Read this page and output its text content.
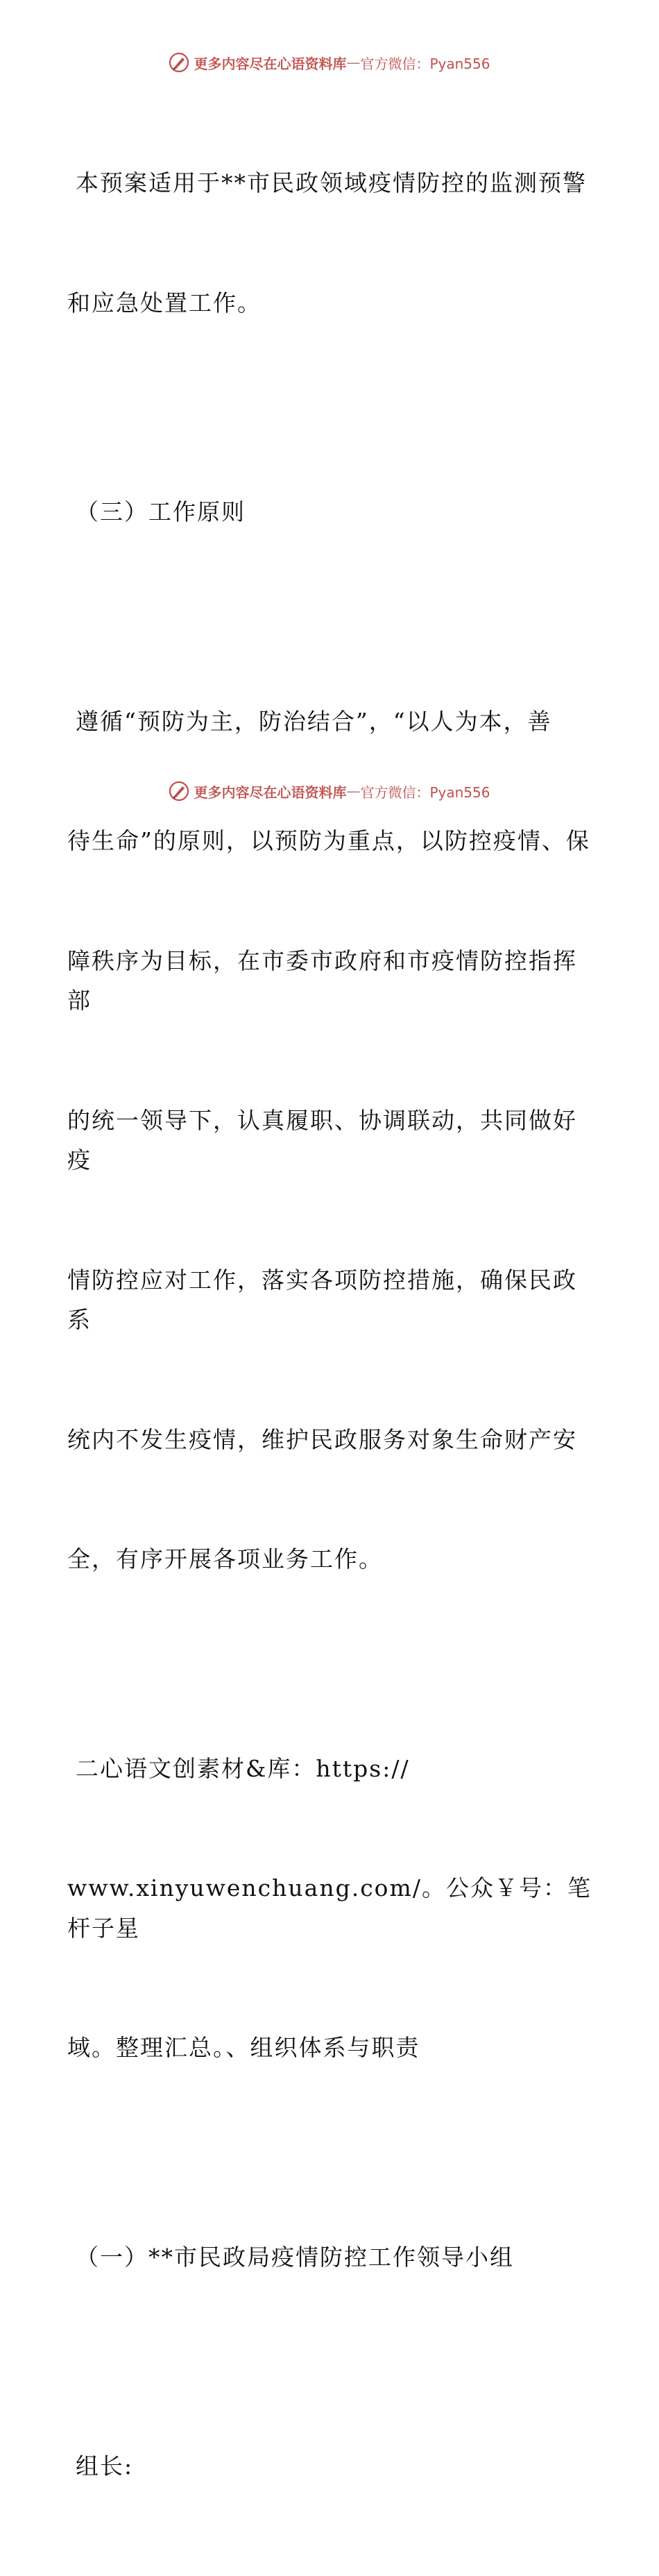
更多内容尽在心语资料库 — 官方微信：Pyan556

本预案适用于**市民政领域疫情防控的监测预警

和应急处置工作。

（三）工作原则

遵循“预防为主，防治结合”，“以人为本，善

待生命”的原则，以预防为重点，以防控疫情、保

障秩序为目标，在市委市政府和市疫情防控指挥部

的统一领导下，认真履职、协调联动，共同做好疫

情防控应对工作，落实各项防控措施，确保民政系

统内不发生疫情，维护民政服务对象生命财产安

全，有序开展各项业务工作。

二心语文创素材&库：https://

www.xinyuwenchuang.com/。公众￥号：笔杆子星

域。整理汇总。、组织体系与职责

（一）**市民政局疫情防控工作领导小组

组长:

更多内容尽在心语资料库 — 官方微信：Pyan556
